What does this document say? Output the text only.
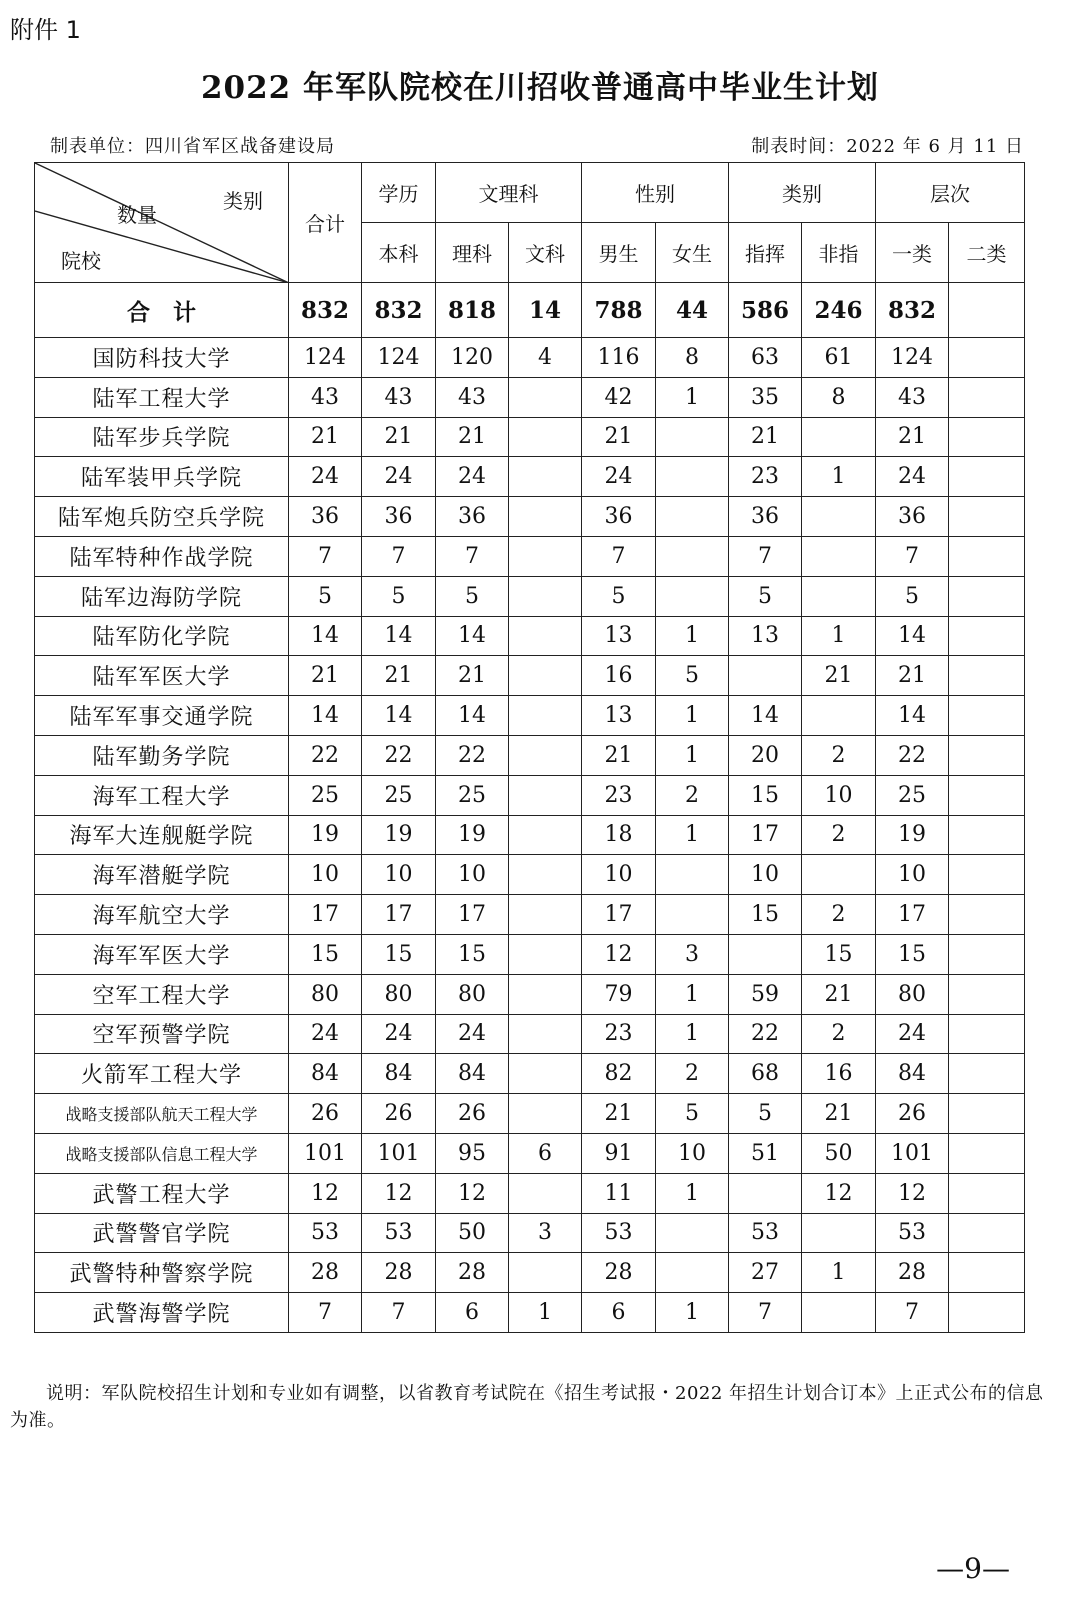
附件 1
2022 年军队院校在川招收普通高中毕业生计划
制表单位：四川省军区战备建设局	制表时间：2022 年 6 月 11 日
类别
数量
院校	合计	学历	文理科		性别		类别		层次	
		本科	理科	文科	男生	女生	指挥	非指	一类	二类
合　计	832	832	818	14	788	44	586	246	832	
国防科技大学	124	124	120	4	116	8	63	61	124	
陆军工程大学	43	43	43		42	1	35	8	43	
陆军步兵学院	21	21	21		21		21		21	
陆军装甲兵学院	24	24	24		24		23	1	24	
陆军炮兵防空兵学院	36	36	36		36		36		36	
陆军特种作战学院	7	7	7		7		7		7	
陆军边海防学院	5	5	5		5		5		5	
陆军防化学院	14	14	14		13	1	13	1	14	
陆军军医大学	21	21	21		16	5		21	21	
陆军军事交通学院	14	14	14		13	1	14		14	
陆军勤务学院	22	22	22		21	1	20	2	22	
海军工程大学	25	25	25		23	2	15	10	25	
海军大连舰艇学院	19	19	19		18	1	17	2	19	
海军潜艇学院	10	10	10		10		10		10	
海军航空大学	17	17	17		17		15	2	17	
海军军医大学	15	15	15		12	3		15	15	
空军工程大学	80	80	80		79	1	59	21	80	
空军预警学院	24	24	24		23	1	22	2	24	
火箭军工程大学	84	84	84		82	2	68	16	84	
战略支援部队航天工程大学	26	26	26		21	5	5	21	26	
战略支援部队信息工程大学	101	101	95	6	91	10	51	50	101	
武警工程大学	12	12	12		11	1		12	12	
武警警官学院	53	53	50	3	53		53		53	
武警特种警察学院	28	28	28		28		27	1	28	
武警海警学院	7	7	6	1	6	1	7		7	
说明：军队院校招生计划和专业如有调整，以省教育考试院在《招生考试报・2022 年招生计划合订本》上正式公布的信息为准。
—9—
